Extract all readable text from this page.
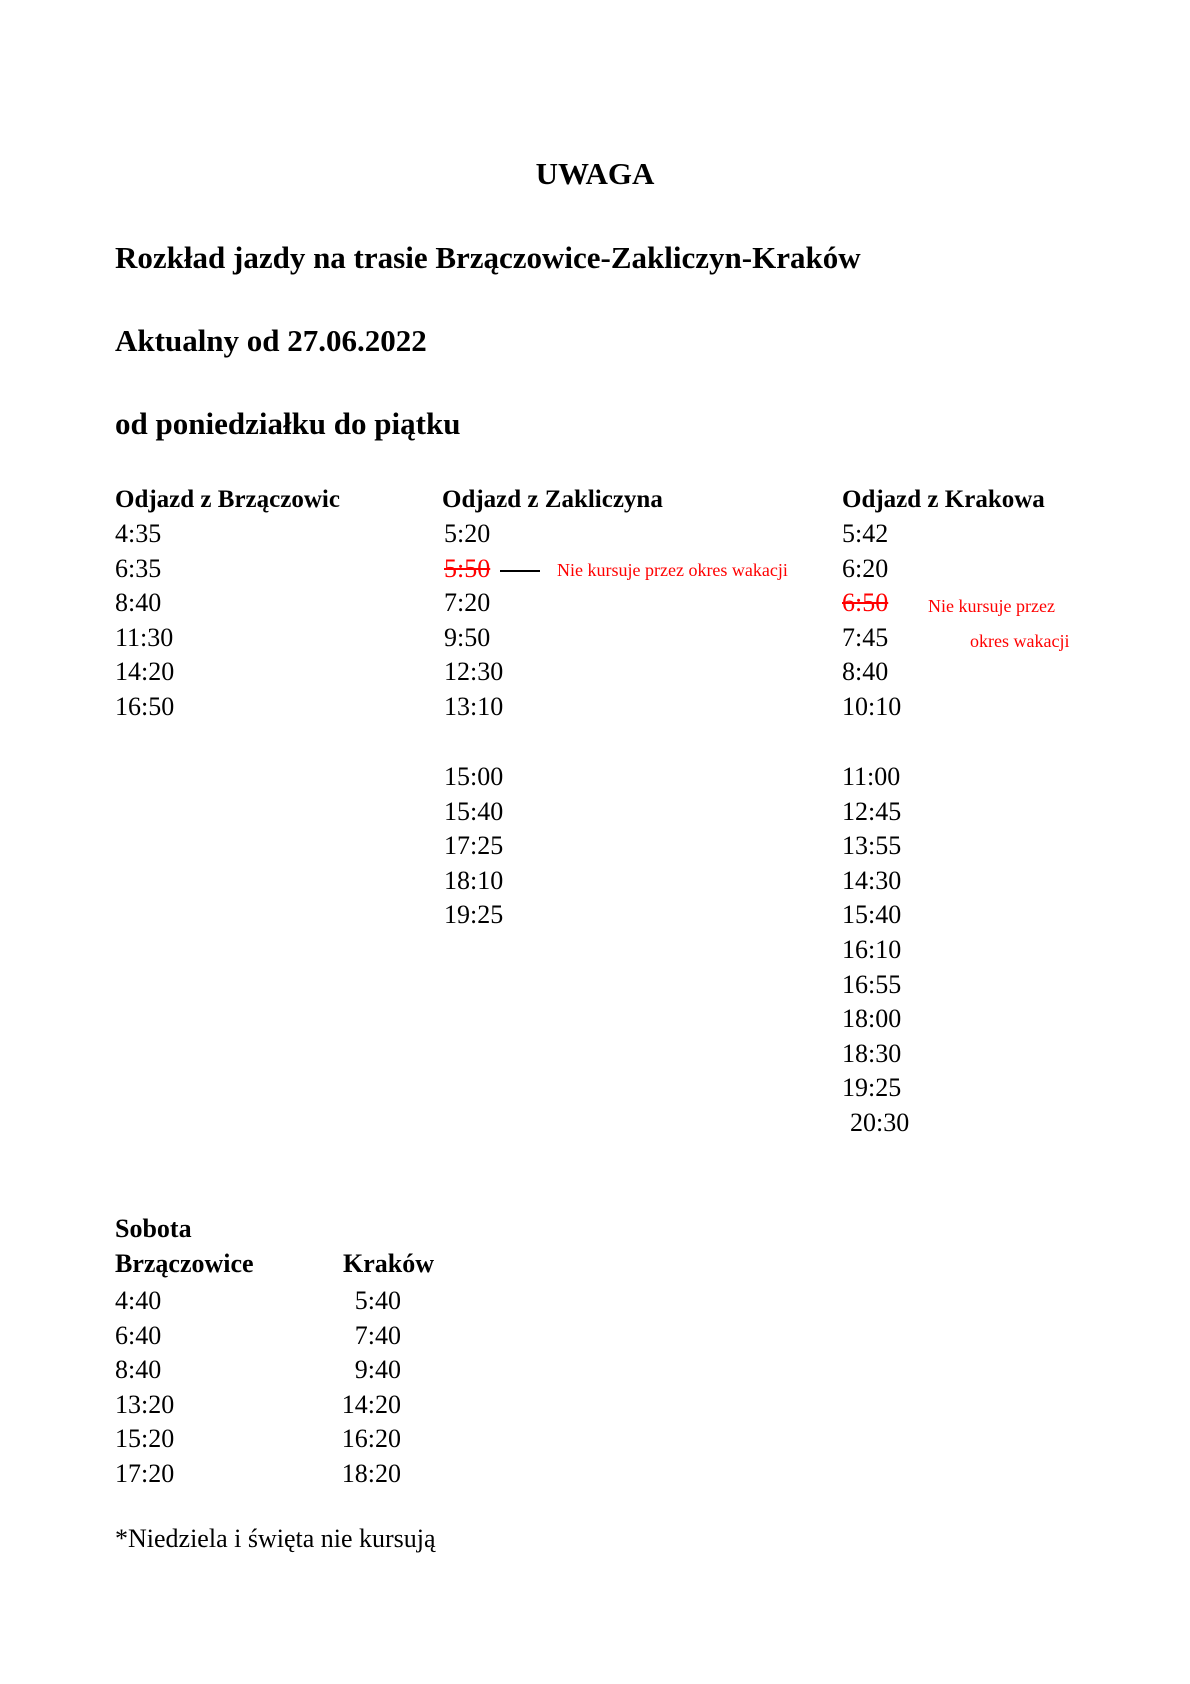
UWAGA
Rozkład jazdy na trasie Brzączowice-Zakliczyn-Kraków
Aktualny od 27.06.2022
od poniedziałku do piątku
Odjazd z Brzączowic
4:35
6:35
8:40
11:30
14:20
16:50
Odjazd z Zakliczyna
5:20
5:50
7:20
9:50
12:30
13:10
Nie kursuje przez okres wakacji
15:00
15:40
17:25
18:10
19:25
Odjazd z Krakowa
5:42
6:20
6:50
7:45
8:40
10:10
Nie kursuje przez
okres wakacji
11:00
12:45
13:55
14:30
15:40
16:10
16:55
18:00
18:30
19:25
20:30
Sobota
Brzączowice	Kraków
4:40
6:40
8:40
13:20
15:20
17:20
5:40
7:40
9:40
14:20
16:20
18:20
*Niedziela i święta nie kursują
